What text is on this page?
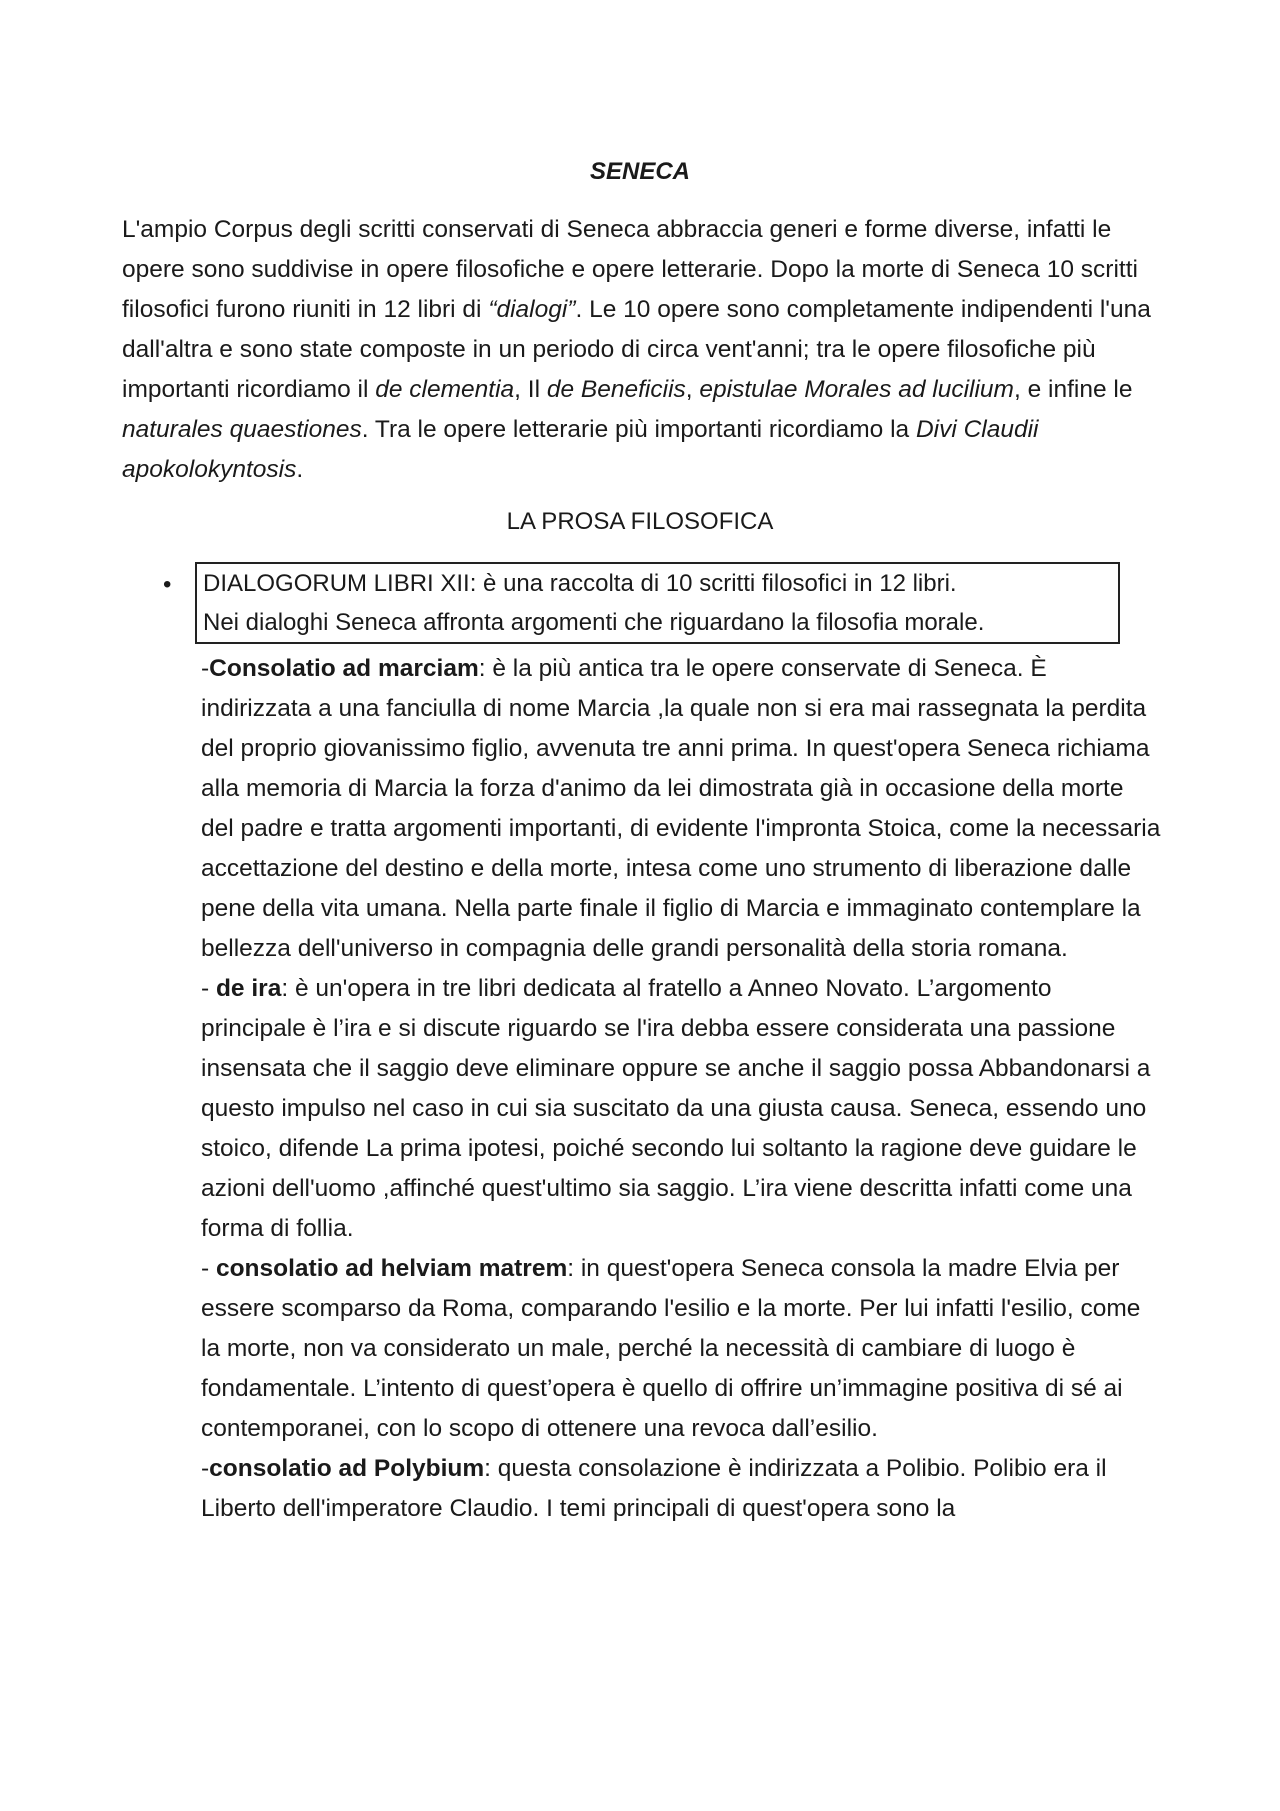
SENECA

L'ampio Corpus degli scritti conservati di Seneca abbraccia generi e forme diverse, infatti le opere sono suddivise in opere filosofiche e opere letterarie. Dopo la morte di Seneca 10 scritti filosofici furono riuniti in 12 libri di “dialogi”. Le 10 opere sono completamente indipendenti l'una dall'altra e sono state composte in un periodo di circa vent'anni; tra le opere filosofiche più importanti ricordiamo il de clementia, Il de Beneficiis, epistulae Morales ad lucilium, e infine le naturales quaestiones. Tra le opere letterarie più importanti ricordiamo la Divi Claudii apokolokyntosis.

LA PROSA FILOSOFICA
• DIALOGORUM LIBRI XII: è una raccolta di 10 scritti filosofici in 12 libri.
Nei dialoghi Seneca affronta argomenti che riguardano la filosofia morale.
-Consolatio ad marciam: è la più antica tra le opere conservate di Seneca. È indirizzata a una fanciulla di nome Marcia ,la quale non si era mai rassegnata la perdita del proprio giovanissimo figlio, avvenuta tre anni prima. In quest'opera Seneca richiama alla memoria di Marcia la forza d'animo da lei dimostrata già in occasione della morte del padre e tratta argomenti importanti, di evidente l'impronta Stoica, come la necessaria accettazione del destino e della morte, intesa come uno strumento di liberazione dalle pene della vita umana. Nella parte finale il figlio di Marcia e immaginato contemplare la bellezza dell'universo in compagnia delle grandi personalità della storia romana.
- de ira: è un'opera in tre libri dedicata al fratello a Anneo Novato. L’argomento principale è l’ira e si discute riguardo se l'ira debba essere considerata una passione insensata che il saggio deve eliminare oppure se anche il saggio possa Abbandonarsi a questo impulso nel caso in cui sia suscitato da una giusta causa. Seneca, essendo uno stoico, difende La prima ipotesi, poiché secondo lui soltanto la ragione deve guidare le azioni dell'uomo ,affinché quest'ultimo sia saggio. L’ira viene descritta infatti come una forma di follia.
- consolatio ad helviam matrem: in quest'opera Seneca consola la madre Elvia per essere scomparso da Roma, comparando l'esilio e la morte. Per lui infatti l'esilio, come la morte, non va considerato un male, perché la necessità di cambiare di luogo è fondamentale. L’intento di quest’opera è quello di offrire un’immagine positiva di sé ai contemporanei, con lo scopo di ottenere una revoca dall’esilio.
-consolatio ad Polybium: questa consolazione è indirizzata a Polibio. Polibio era il Liberto dell'imperatore Claudio. I temi principali di quest'opera sono la
